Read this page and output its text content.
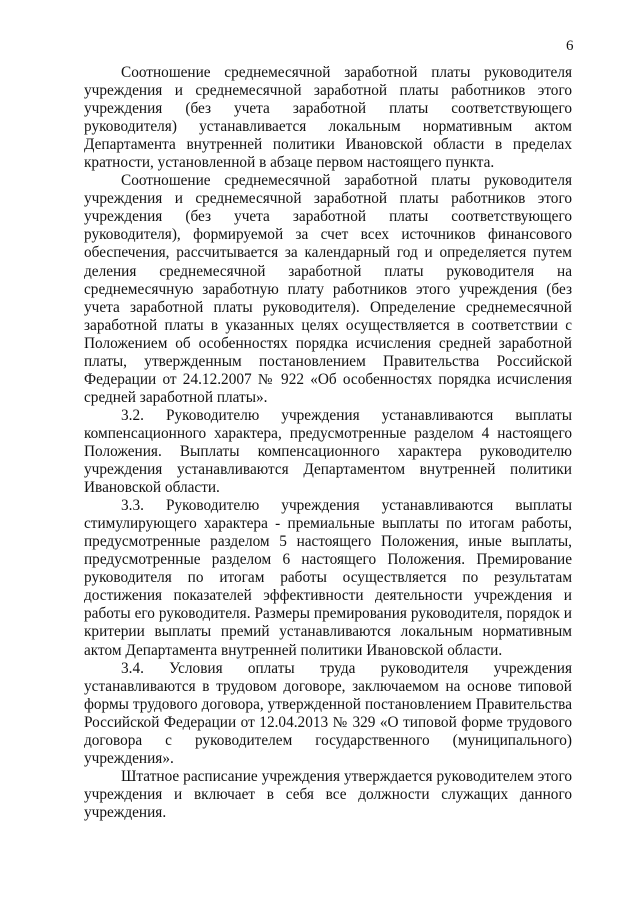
6

Соотношение среднемесячной заработной платы руководителя учреждения и среднемесячной заработной платы работников этого учреждения (без учета заработной платы соответствующего руководителя) устанавливается локальным нормативным актом Департамента внутренней политики Ивановской области в пределах кратности, установленной в абзаце первом настоящего пункта.

Соотношение среднемесячной заработной платы руководителя учреждения и среднемесячной заработной платы работников этого учреждения (без учета заработной платы соответствующего руководителя), формируемой за счет всех источников финансового обеспечения, рассчитывается за календарный год и определяется путем деления среднемесячной заработной платы руководителя на среднемесячную заработную плату работников этого учреждения (без учета заработной платы руководителя). Определение среднемесячной заработной платы в указанных целях осуществляется в соответствии с Положением об особенностях порядка исчисления средней заработной платы, утвержденным постановлением Правительства Российской Федерации от 24.12.2007 № 922 «Об особенностях порядка исчисления средней заработной платы».

3.2. Руководителю учреждения устанавливаются выплаты компенсационного характера, предусмотренные разделом 4 настоящего Положения. Выплаты компенсационного характера руководителю учреждения устанавливаются Департаментом внутренней политики Ивановской области.

3.3. Руководителю учреждения устанавливаются выплаты стимулирующего характера - премиальные выплаты по итогам работы, предусмотренные разделом 5 настоящего Положения, иные выплаты, предусмотренные разделом 6 настоящего Положения. Премирование руководителя по итогам работы осуществляется по результатам достижения показателей эффективности деятельности учреждения и работы его руководителя. Размеры премирования руководителя, порядок и критерии выплаты премий устанавливаются локальным нормативным актом Департамента внутренней политики Ивановской области.

3.4. Условия оплаты труда руководителя учреждения устанавливаются в трудовом договоре, заключаемом на основе типовой формы трудового договора, утвержденной постановлением Правительства Российской Федерации от 12.04.2013 № 329 «О типовой форме трудового договора с руководителем государственного (муниципального) учреждения».

Штатное расписание учреждения утверждается руководителем этого учреждения и включает в себя все должности служащих данного учреждения.
